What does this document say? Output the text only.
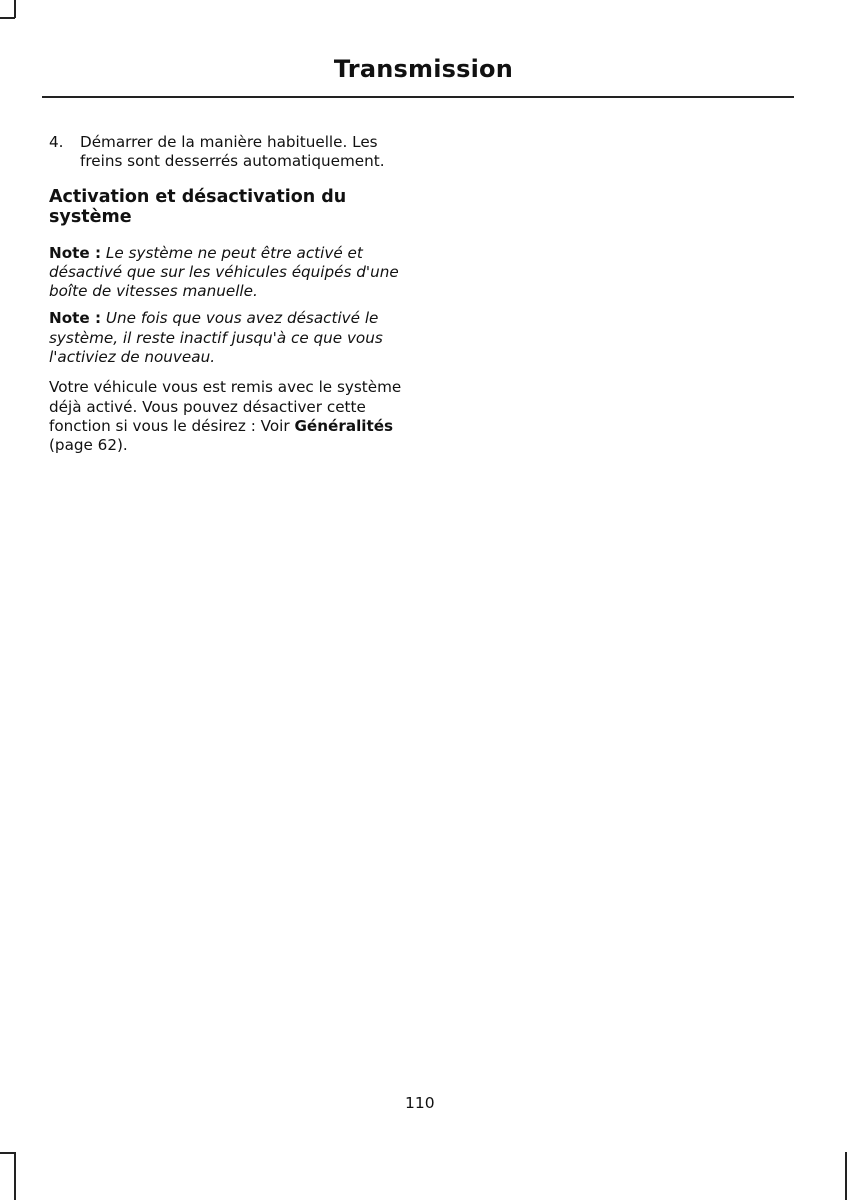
Transmission
4.	Démarrer de la manière habituelle. Les freins sont desserrés automatiquement.
Activation et désactivation du système

Note : Le système ne peut être activé et désactivé que sur les véhicules équipés d'une boîte de vitesses manuelle.

Note : Une fois que vous avez désactivé le système, il reste inactif jusqu'à ce que vous l'activiez de nouveau.

Votre véhicule vous est remis avec le système déjà activé. Vous pouvez désactiver cette fonction si vous le désirez : Voir Généralités (page 62).

110
